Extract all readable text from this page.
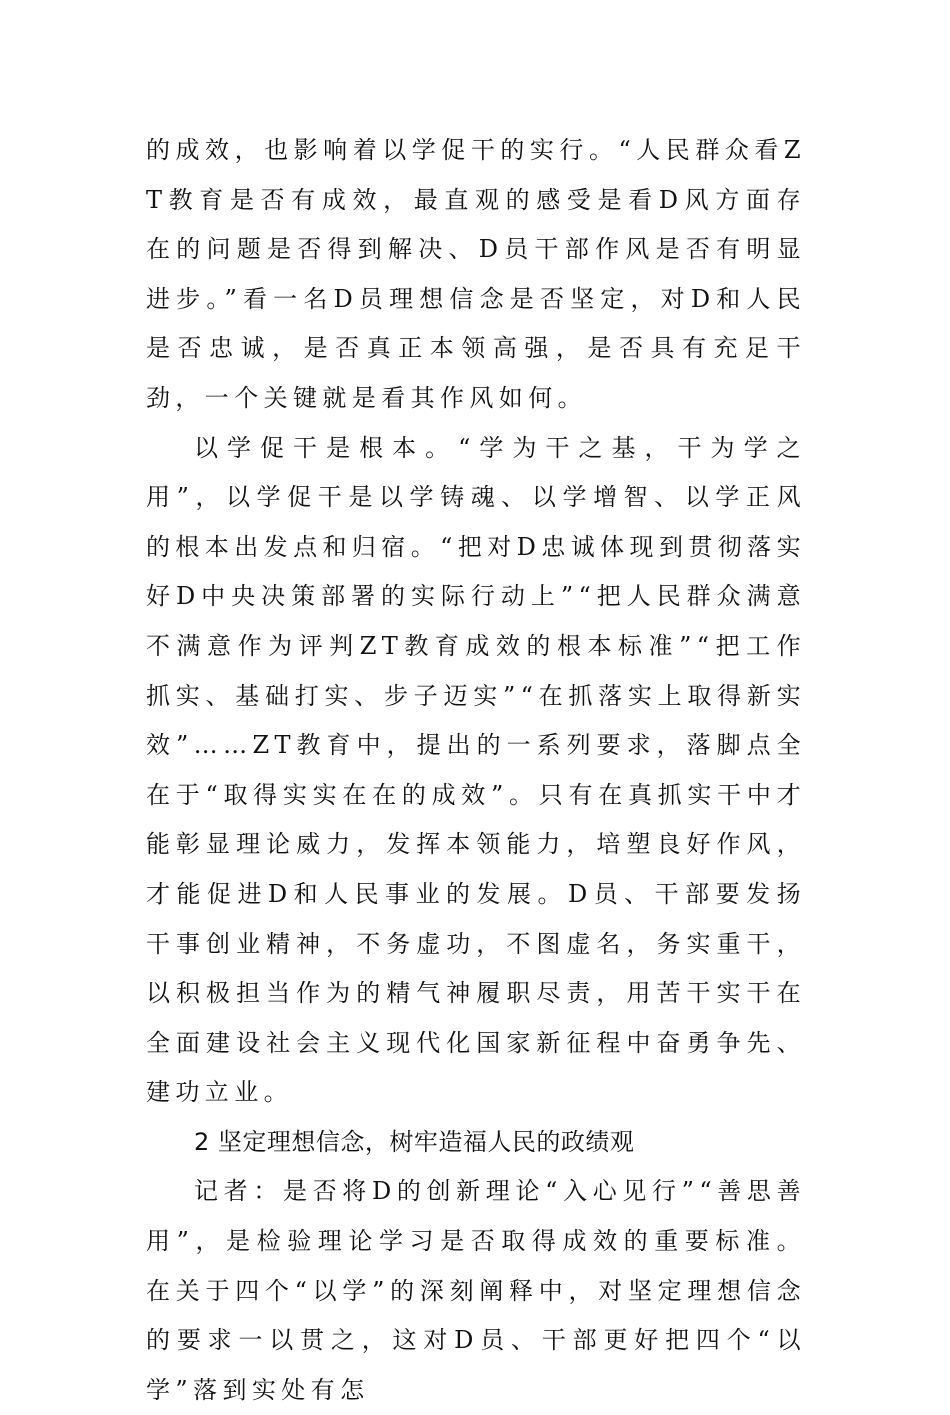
的成效，也影响着以学促干的实行。“人民群众看ZT教育是否有成效，最直观的感受是看D风方面存在的问题是否得到解决、D员干部作风是否有明显进步。”看一名D员理想信念是否坚定，对D和人民是否忠诚，是否真正本领高强，是否具有充足干劲，一个关键就是看其作风如何。

以学促干是根本。“学为干之基，干为学之用”，以学促干是以学铸魂、以学增智、以学正风的根本出发点和归宿。“把对D忠诚体现到贯彻落实好D中央决策部署的实际行动上”“把人民群众满意不满意作为评判ZT教育成效的根本标准”“把工作抓实、基础打实、步子迈实”“在抓落实上取得新实效”……ZT教育中，提出的一系列要求，落脚点全在于“取得实实在在的成效”。只有在真抓实干中才能彰显理论威力，发挥本领能力，培塑良好作风，才能促进D和人民事业的发展。D员、干部要发扬干事创业精神，不务虚功，不图虚名，务实重干，以积极担当作为的精气神履职尽责，用苦干实干在全面建设社会主义现代化国家新征程中奋勇争先、建功立业。

2 坚定理想信念，树牢造福人民的政绩观

记者：是否将D的创新理论“入心见行”“善思善用”，是检验理论学习是否取得成效的重要标准。在关于四个“以学”的深刻阐释中，对坚定理想信念的要求一以贯之，这对D员、干部更好把四个“以学”落到实处有怎
